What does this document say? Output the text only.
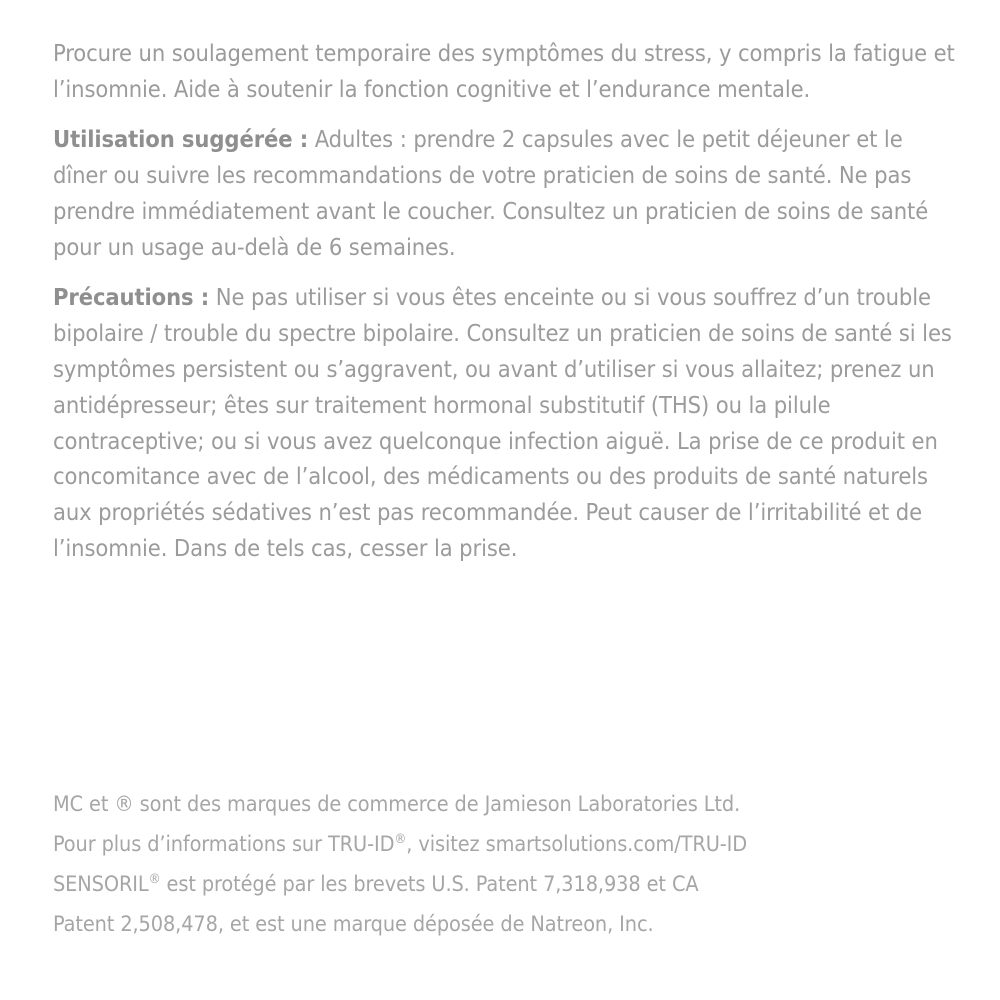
Procure un soulagement temporaire des symptômes du stress, y compris la fatigue et l’insomnie. Aide à soutenir la fonction cognitive et l’endurance mentale.

Utilisation suggérée : Adultes : prendre 2 capsules avec le petit déjeuner et le dîner ou suivre les recommandations de votre praticien de soins de santé. Ne pas prendre immédiatement avant le coucher. Consultez un praticien de soins de santé pour un usage au-delà de 6 semaines.

Précautions : Ne pas utiliser si vous êtes enceinte ou si vous souffrez d’un trouble bipolaire / trouble du spectre bipolaire. Consultez un praticien de soins de santé si les symptômes persistent ou s’aggravent, ou avant d’utiliser si vous allaitez; prenez un antidépresseur; êtes sur traitement hormonal substitutif (THS) ou la pilule contraceptive; ou si vous avez quelconque infection aiguë. La prise de ce produit en concomitance avec de l’alcool, des médicaments ou des produits de santé naturels aux propriétés sédatives n’est pas recommandée. Peut causer de l’irritabilité et de l’insomnie. Dans de tels cas, cesser la prise.

MC et ® sont des marques de commerce de Jamieson Laboratories Ltd.

Pour plus d’informations sur TRU-ID®, visitez smartsolutions.com/TRU-ID

SENSORIL® est protégé par les brevets U.S. Patent 7,318,938 et CA

Patent 2,508,478, et est une marque déposée de Natreon, Inc.
